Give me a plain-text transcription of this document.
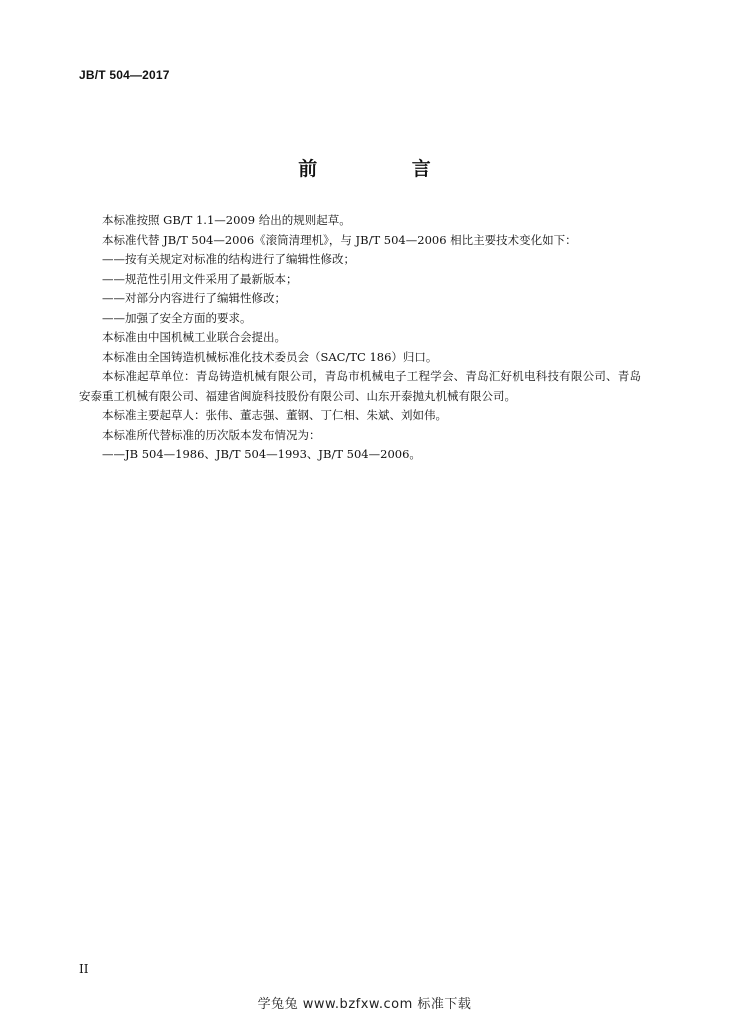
JB/T 504—2017
前 言

本标准按照 GB/T 1.1—2009 给出的规则起草。

本标准代替 JB/T 504—2006《滚筒清理机》，与 JB/T 504—2006 相比主要技术变化如下：

——按有关规定对标准的结构进行了编辑性修改；

——规范性引用文件采用了最新版本；

——对部分内容进行了编辑性修改；

——加强了安全方面的要求。

本标准由中国机械工业联合会提出。

本标准由全国铸造机械标准化技术委员会（SAC/TC 186）归口。

本标准起草单位：青岛铸造机械有限公司，青岛市机械电子工程学会、青岛汇好机电科技有限公司、青岛安泰重工机械有限公司、福建省闽旋科技股份有限公司、山东开泰抛丸机械有限公司。

本标准主要起草人：张伟、董志强、董钢、丁仁相、朱斌、刘如伟。

本标准所代替标准的历次版本发布情况为：

——JB 504—1986、JB/T 504—1993、JB/T 504—2006。

II
学兔兔 www.bzfxw.com 标准下载
